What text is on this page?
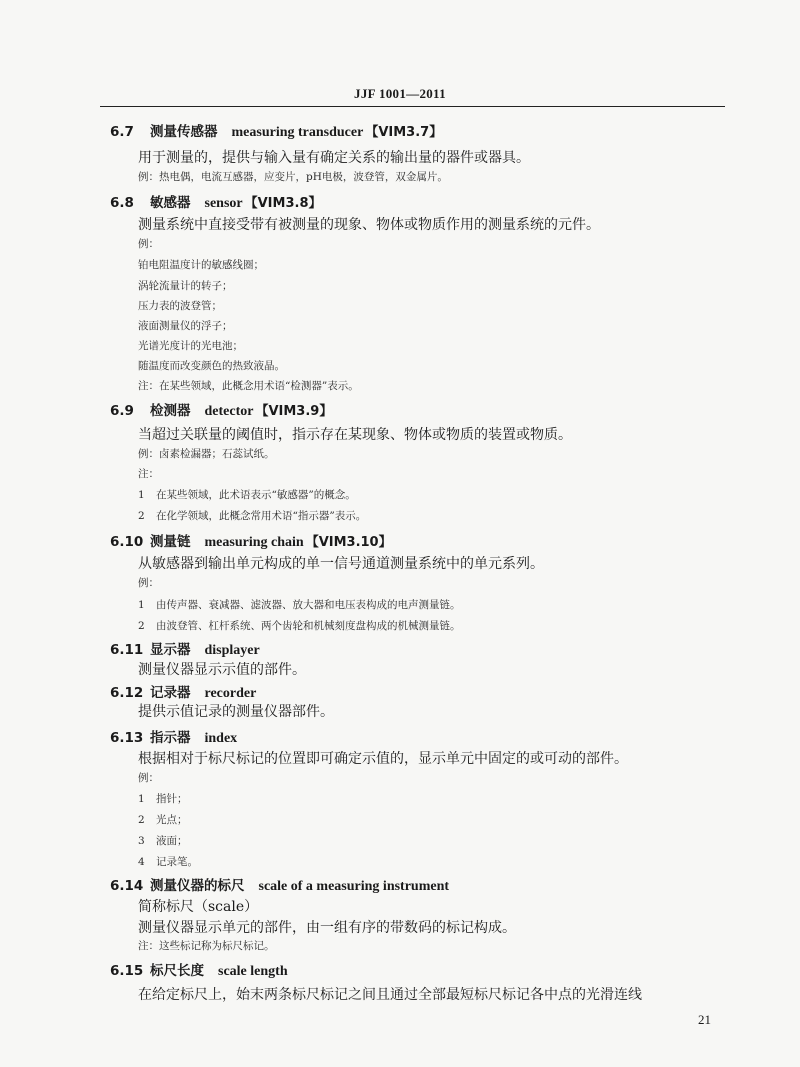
JJF 1001—2011
6.7 测量传感器 measuring transducer 【VIM3.7】
用于测量的，提供与输入量有确定关系的输出量的器件或器具。
例：热电偶，电流互感器，应变片，pH电极，波登管，双金属片。
6.8 敏感器 sensor 【VIM3.8】
测量系统中直接受带有被测量的现象、物体或物质作用的测量系统的元件。
例：
铂电阻温度计的敏感线圈；
涡轮流量计的转子；
压力表的波登管；
液面测量仪的浮子；
光谱光度计的光电池；
随温度而改变颜色的热致液晶。
注：在某些领域，此概念用术语“检测器”表示。
6.9 检测器 detector 【VIM3.9】
当超过关联量的阈值时，指示存在某现象、物体或物质的装置或物质。
例：卤素检漏器；石蕊试纸。
注：
1 在某些领域，此术语表示“敏感器”的概念。
2 在化学领域，此概念常用术语“指示器”表示。
6.10 测量链 measuring chain 【VIM3.10】
从敏感器到输出单元构成的单一信号通道测量系统中的单元系列。
例：
1 由传声器、衰减器、滤波器、放大器和电压表构成的电声测量链。
2 由波登管、杠杆系统、两个齿轮和机械刻度盘构成的机械测量链。
6.11 显示器 displayer
测量仪器显示示值的部件。
6.12 记录器 recorder
提供示值记录的测量仪器部件。
6.13 指示器 index
根据相对于标尺标记的位置即可确定示值的，显示单元中固定的或可动的部件。
例：
1 指针；
2 光点；
3 液面；
4 记录笔。
6.14 测量仪器的标尺 scale of a measuring instrument
简称标尺（scale）
测量仪器显示单元的部件，由一组有序的带数码的标记构成。
注：这些标记称为标尺标记。
6.15 标尺长度 scale length
在给定标尺上，始末两条标尺标记之间且通过全部最短标尺标记各中点的光滑连线
21
